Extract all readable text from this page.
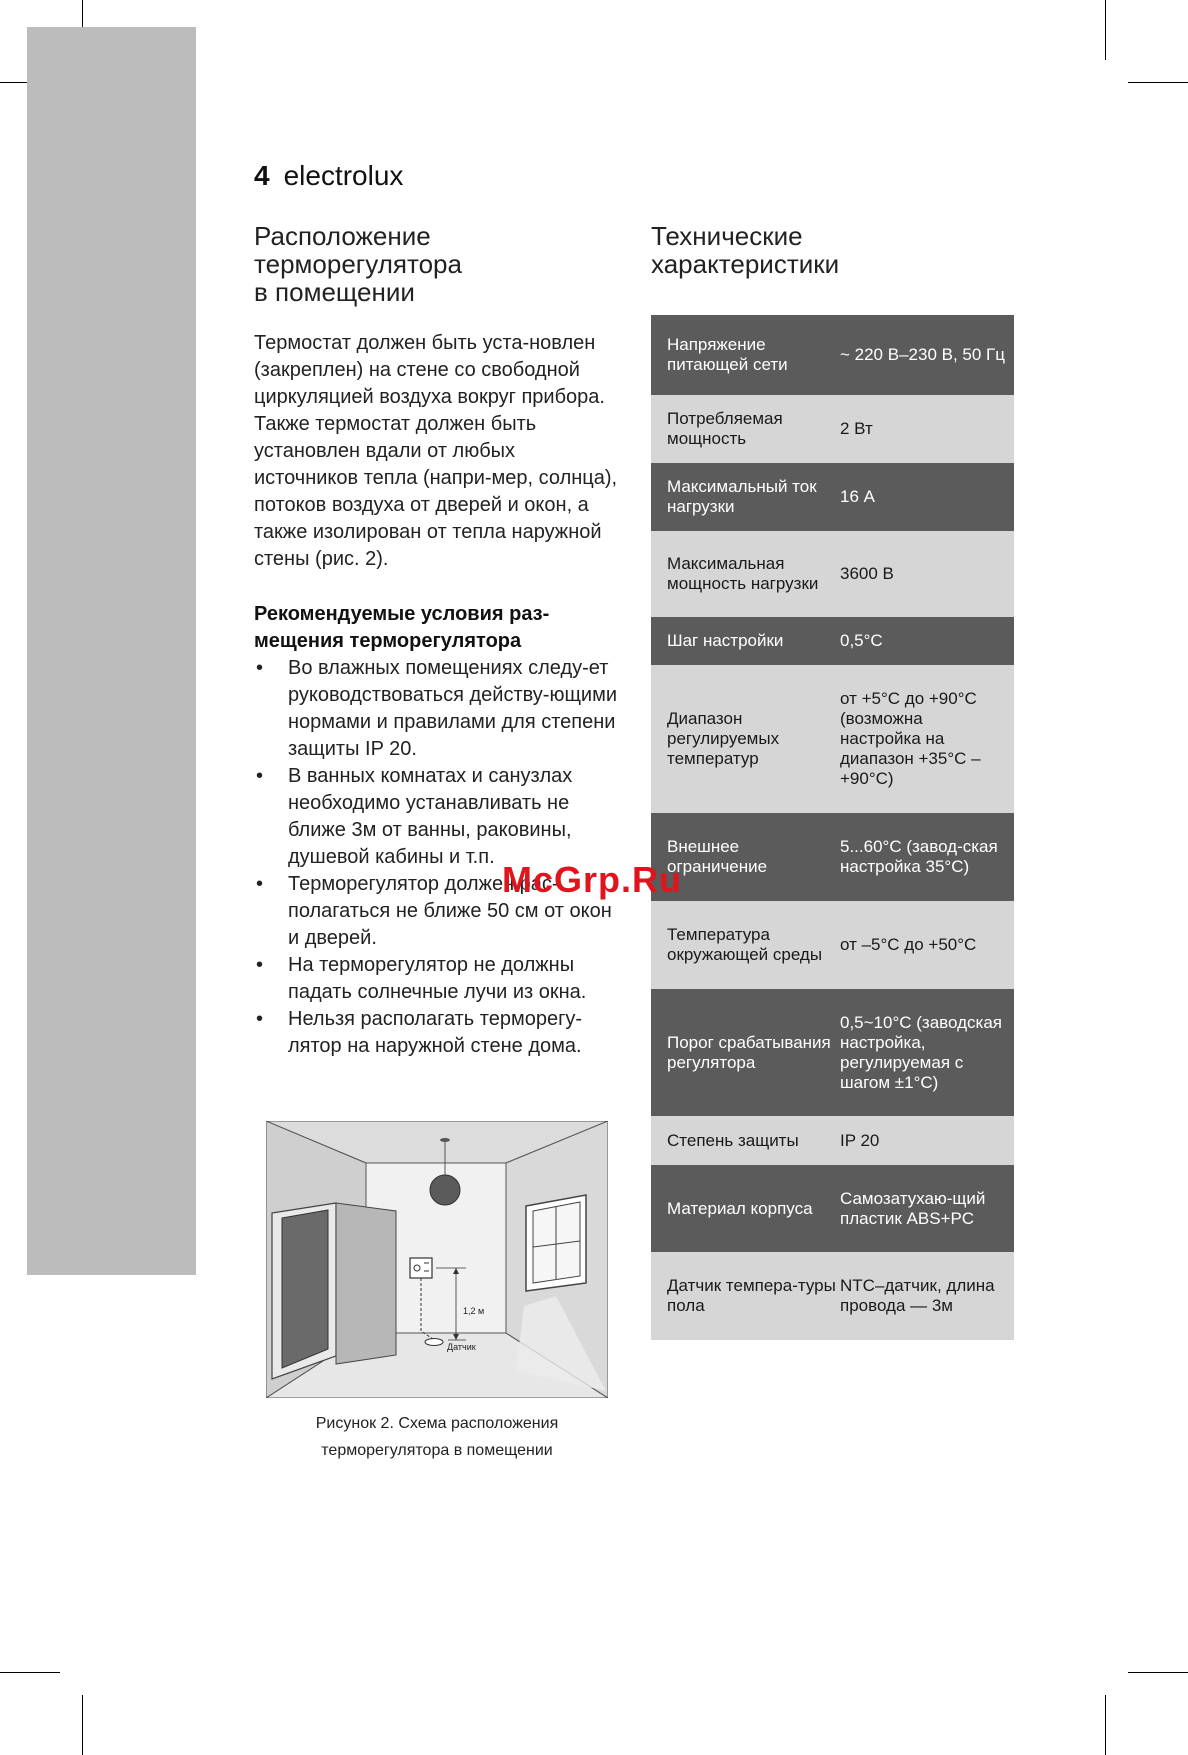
4 electrolux
Расположение
терморегулятора
в помещении

Термостат должен быть уста-новлен (закреплен) на стене со свободной циркуляцией воздуха вокруг прибора. Также термостат должен быть установлен вдали от любых источников тепла (напри-мер, солнца), потоков воздуха от дверей и окон, а также изолирован от тепла наружной стены (рис. 2).

Рекомендуемые условия раз-мещения терморегулятора

• Во влажных помещениях следу-ет руководствоваться действу-ющими нормами и правилами для степени защиты IP 20.
• В ванных комнатах и санузлах необходимо устанавливать не ближе 3м от ванны, раковины, душевой кабины и т.п.
• Терморегулятор должен рас-полагаться не ближе 50 см от окон и дверей.
• На терморегулятор не должны падать солнечные лучи из окна.
• Нельзя располагать терморегу-лятор на наружной стене дома.
1,2 м
Датчик
Рисунок 2. Схема расположения
терморегулятора в помещении
Технические
характеристики
Напряжение питающей сети
~ 220 В–230 В, 50 Гц
Потребляемая мощность
2 Вт
Максимальный ток нагрузки
16 А
Максимальная мощность нагрузки
3600 В
Шаг настройки	0,5°С
Диапазон регулируемых температур
от +5°С до +90°С (возможна настройка на диапазон +35°С – +90°С)
Внешнее ограничение
5...60°С (завод-ская настройка 35°С)
Температура окружающей среды
от –5°С до +50°С
Порог срабатывания регулятора
0,5~10°С (заводская настройка, регулируемая с шагом ±1°С)
Степень защиты	IP 20
Материал корпуса
Самозатухаю-щий пластик ABS+PC
Датчик темпера-туры пола
NTC–датчик, длина провода — 3м
McGrp.Ru
